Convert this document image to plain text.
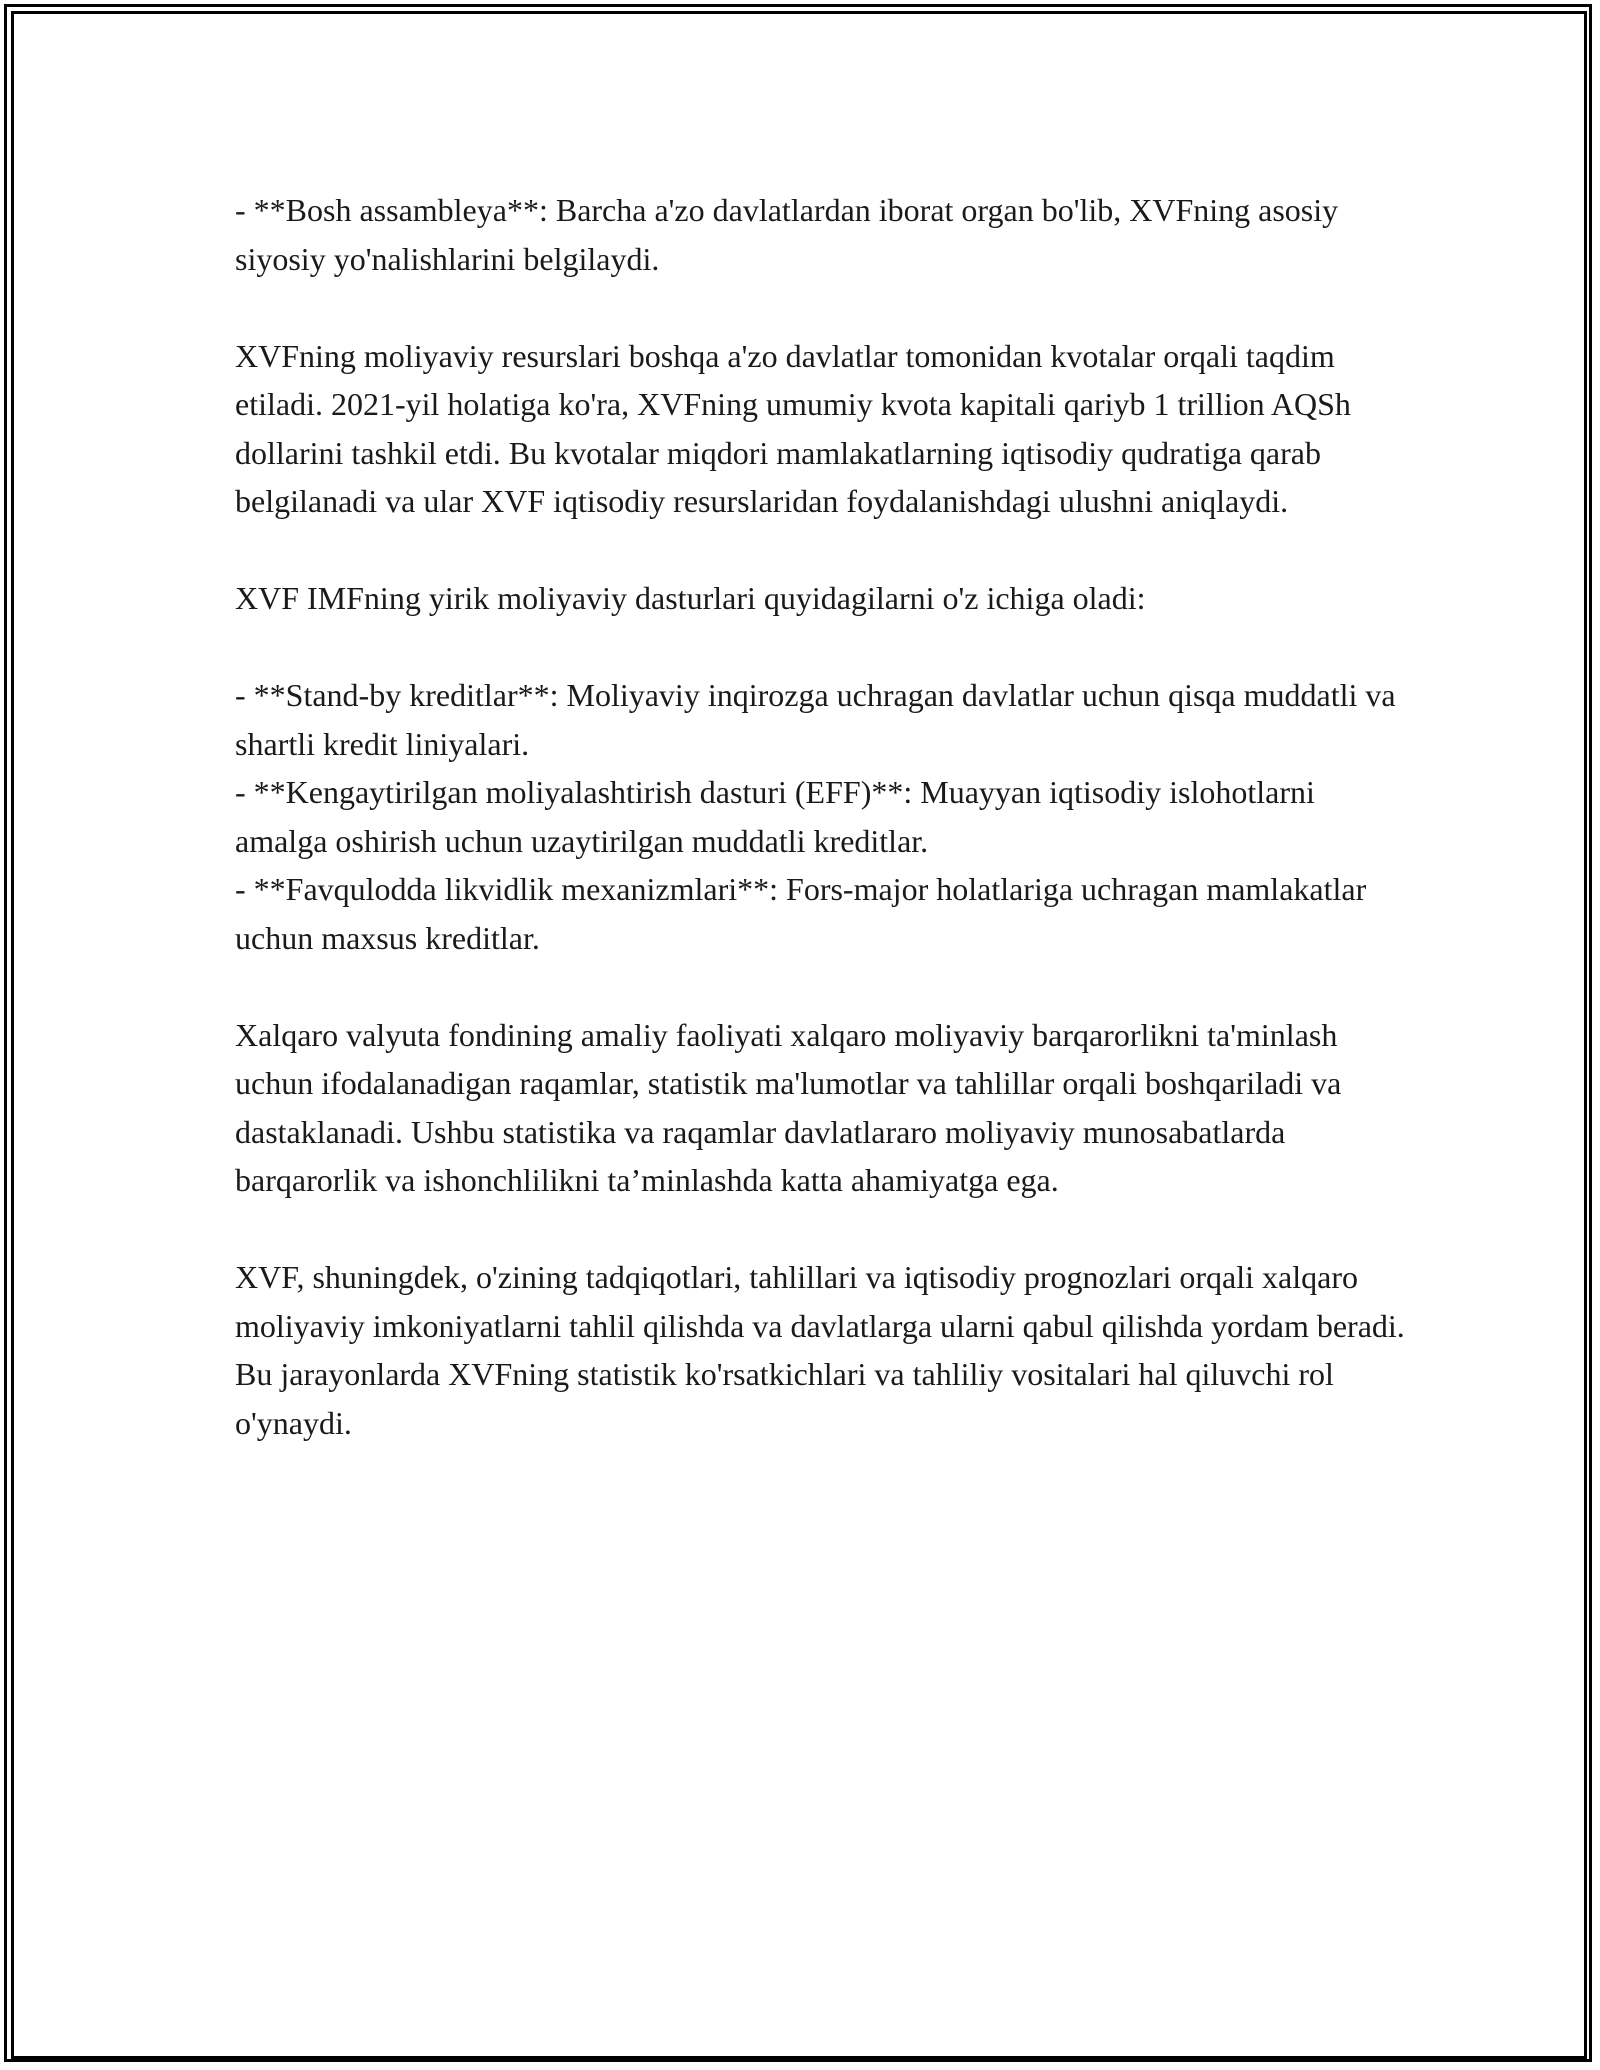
- **Bosh assambleya**: Barcha a'zo davlatlardan iborat organ bo'lib, XVFning asosiy siyosiy yo'nalishlarini belgilaydi.

XVFning moliyaviy resurslari boshqa a'zo davlatlar tomonidan kvotalar orqali taqdim etiladi. 2021-yil holatiga ko'ra, XVFning umumiy kvota kapitali qariyb 1 trillion AQSh dollarini tashkil etdi. Bu kvotalar miqdori mamlakatlarning iqtisodiy qudratiga qarab belgilanadi va ular XVF iqtisodiy resurslaridan foydalanishdagi ulushni aniqlaydi.

XVF IMFning yirik moliyaviy dasturlari quyidagilarni o'z ichiga oladi:

- **Stand-by kreditlar**: Moliyaviy inqirozga uchragan davlatlar uchun qisqa muddatli va shartli kredit liniyalari.

- **Kengaytirilgan moliyalashtirish dasturi (EFF)**: Muayyan iqtisodiy islohotlarni amalga oshirish uchun uzaytirilgan muddatli kreditlar.

- **Favqulodda likvidlik mexanizmlari**: Fors-major holatlariga uchragan mamlakatlar uchun maxsus kreditlar.

Xalqaro valyuta fondining amaliy faoliyati xalqaro moliyaviy barqarorlikni ta'minlash uchun ifodalanadigan raqamlar, statistik ma'lumotlar va tahlillar orqali boshqariladi va dastaklanadi. Ushbu statistika va raqamlar davlatlararo moliyaviy munosabatlarda barqarorlik va ishonchlilikni ta’minlashda katta ahamiyatga ega.

XVF, shuningdek, o'zining tadqiqotlari, tahlillari va iqtisodiy prognozlari orqali xalqaro moliyaviy imkoniyatlarni tahlil qilishda va davlatlarga ularni qabul qilishda yordam beradi. Bu jarayonlarda XVFning statistik ko'rsatkichlari va tahliliy vositalari hal qiluvchi rol o'ynaydi.
